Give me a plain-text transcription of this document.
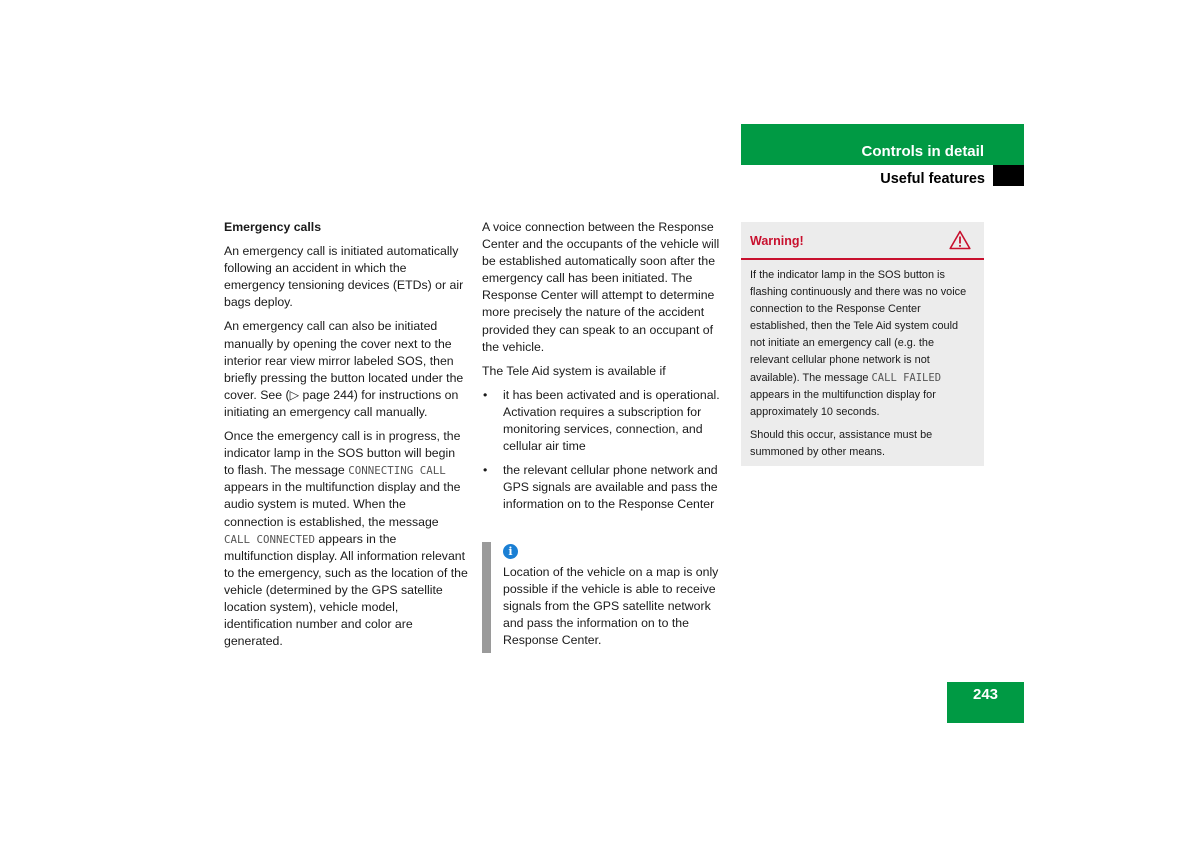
Controls in detail
Useful features

Emergency calls

An emergency call is initiated automatically following an accident in which the emergency tensioning devices (ETDs) or air bags deploy.

An emergency call can also be initiated manually by opening the cover next to the interior rear view mirror labeled SOS, then briefly pressing the button located under the cover. See (▷ page 244) for instructions on initiating an emergency call manually.

Once the emergency call is in progress, the indicator lamp in the SOS button will begin to flash. The message CONNECTING CALL appears in the multifunction display and the audio system is muted. When the connection is established, the message CALL CONNECTED appears in the multifunction display. All information relevant to the emergency, such as the location of the vehicle (determined by the GPS satellite location system), vehicle model, identification number and color are generated.

A voice connection between the Response Center and the occupants of the vehicle will be established automatically soon after the emergency call has been initiated. The Response Center will attempt to determine more precisely the nature of the accident provided they can speak to an occupant of the vehicle.

The Tele Aid system is available if

• it has been activated and is operational. Activation requires a subscription for monitoring services, connection, and cellular air time
• the relevant cellular phone network and GPS signals are available and pass the information on to the Response Center
i
Location of the vehicle on a map is only possible if the vehicle is able to receive signals from the GPS satellite network and pass the information on to the Response Center.
Warning!

If the indicator lamp in the SOS button is flashing continuously and there was no voice connection to the Response Center established, then the Tele Aid system could not initiate an emergency call (e.g. the relevant cellular phone network is not available). The message CALL FAILED appears in the multifunction display for approximately 10 seconds.

Should this occur, assistance must be summoned by other means.

243
